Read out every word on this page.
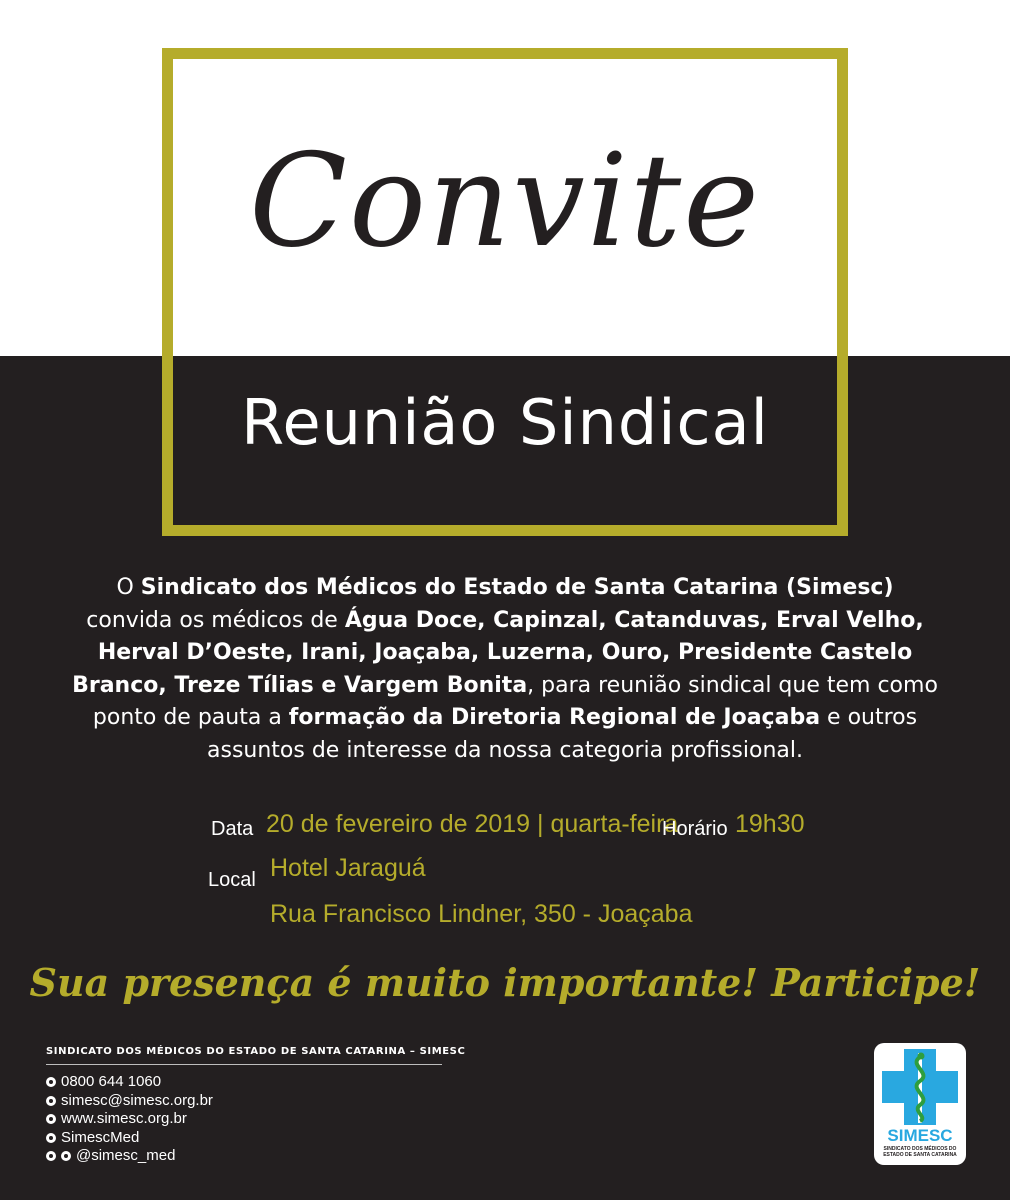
Convite
Reunião Sindical
O Sindicato dos Médicos do Estado de Santa Catarina (Simesc)
convida os médicos de Água Doce, Capinzal, Catanduvas, Erval Velho, Herval D’Oeste, Irani, Joaçaba, Luzerna, Ouro, Presidente Castelo Branco, Treze Tílias e Vargem Bonita, para reunião sindical que tem como ponto de pauta a formação da Diretoria Regional de Joaçaba e outros assuntos de interesse da nossa categoria profissional.
Data 20 de fevereiro de 2019 | quarta-feira
Horário 19h30
Local Hotel Jaraguá
Rua Francisco Lindner, 350 - Joaçaba
Sua presença é muito importante! Participe!
SINDICATO DOS MÉDICOS DO ESTADO DE SANTA CATARINA – SIMESC
0800 644 1060
simesc@simesc.org.br
www.simesc.org.br
SimescMed
@simesc_med
SIMESC
SINDICATO DOS MÉDICOS DO
ESTADO DE SANTA CATARINA
